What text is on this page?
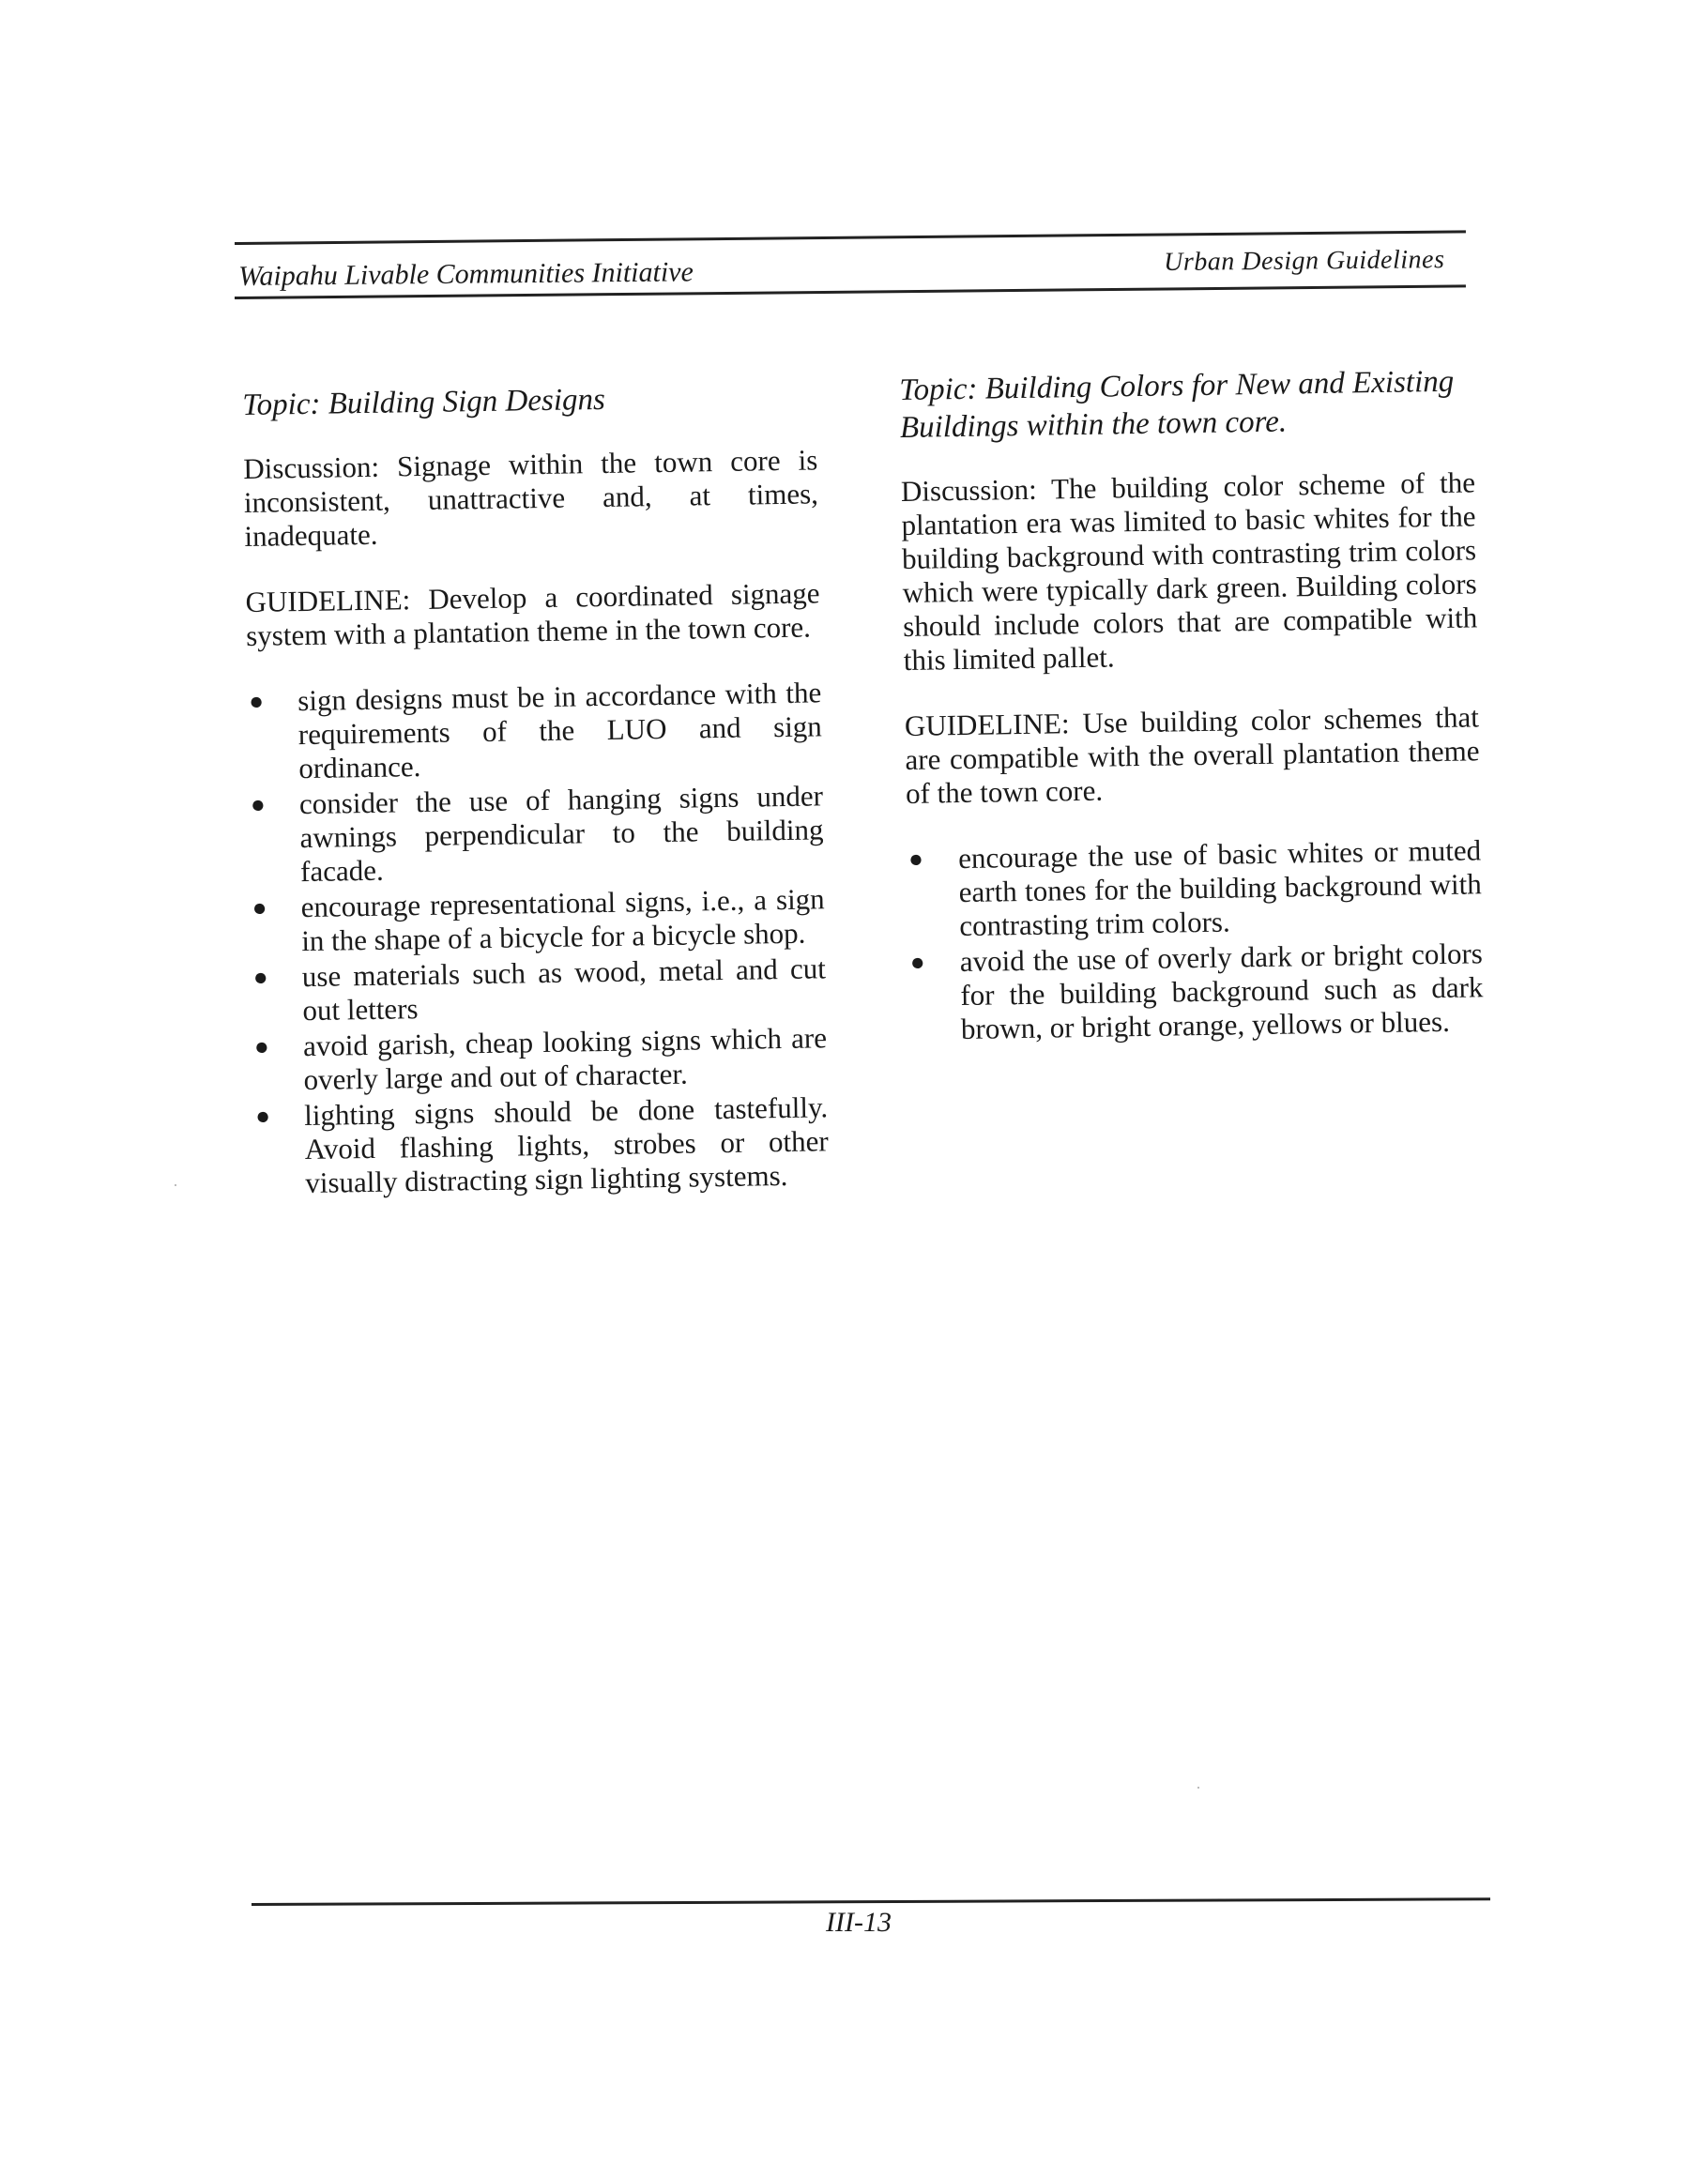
Urban Design Guidelines
Waipahu Livable Communities Initiative

Topic: Building Sign Designs

Discussion: Signage within the town core is inconsistent, unattractive and, at times, inadequate.

GUIDELINE: Develop a coordinated signage system with a plantation theme in the town core.

● sign designs must be in accordance with the requirements of the LUO and sign ordinance.
● consider the use of hanging signs under awnings perpendicular to the building facade.
● encourage representational signs, i.e., a sign in the shape of a bicycle for a bicycle shop.
● use materials such as wood, metal and cut out letters
● avoid garish, cheap looking signs which are overly large and out of character.
● lighting signs should be done tastefully. Avoid flashing lights, strobes or other visually distracting sign lighting systems.

Topic: Building Colors for New and Existing Buildings within the town core.

Discussion: The building color scheme of the plantation era was limited to basic whites for the building background with contrasting trim colors which were typically dark green. Building colors should include colors that are compatible with this limited pallet.

GUIDELINE: Use building color schemes that are compatible with the overall plantation theme of the town core.

● encourage the use of basic whites or muted earth tones for the building background with contrasting trim colors.
● avoid the use of overly dark or bright colors for the building background such as dark brown, or bright orange, yellows or blues.
III-13
